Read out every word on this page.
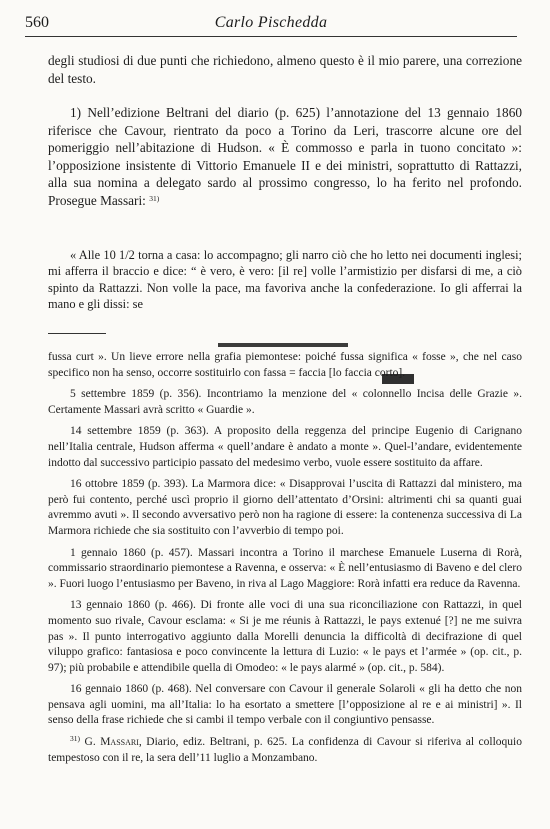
560	Carlo Pischedda

degli studiosi di due punti che richiedono, almeno questo è il mio parere, una correzione del testo.

1) Nell’edizione Beltrani del diario (p. 625) l’annotazione del 13 gennaio 1860 riferisce che Cavour, rientrato da poco a Torino da Leri, trascorre alcune ore del pomeriggio nell’abitazione di Hudson. « È commosso e parla in tuono concitato »: l’opposizione insistente di Vittorio Emanuele II e dei ministri, soprattutto di Rattazzi, alla sua nomina a delegato sardo al prossimo congresso, lo ha ferito nel profondo. Prosegue Massari: $^{31)}$

« Alle 10 1/2 torna a casa: lo accompagno; gli narro ciò che ho letto nei documenti inglesi; mi afferra il braccio e dice: “ è vero, è vero: [il re] volle l’armistizio per disfarsi di me, a ciò spinto da Rattazzi. Non volle la pace, ma favoriva anche la confederazione. Io gli afferrai la mano e gli dissi: se

fussa curt ». Un lieve errore nella grafia piemontese: poiché fussa significa « fosse », che nel caso specifico non ha senso, occorre sostituirlo con fassa = faccia [lo faccia corto].

5 settembre 1859 (p. 356). Incontriamo la menzione del « colonnello Incisa delle Grazie ». Certamente Massari avrà scritto « Guardie ».

14 settembre 1859 (p. 363). A proposito della reggenza del principe Eugenio di Carignano nell’Italia centrale, Hudson afferma « quell’andare è andato a monte ». Quel-l’andare, evidentemente indotto dal successivo participio passato del medesimo verbo, vuole essere sostituito da affare.

16 ottobre 1859 (p. 393). La Marmora dice: « Disapprovai l’uscita di Rattazzi dal ministero, ma però fui contento, perché uscì proprio il giorno dell’attentato d’Orsini: altrimenti chi sa quanti guai avremmo avuti ». Il secondo avversativo però non ha ragione di essere: la contenenza successiva di La Marmora richiede che sia sostituito con l’avverbio di tempo poi.

1 gennaio 1860 (p. 457). Massari incontra a Torino il marchese Emanuele Luserna di Rorà, commissario straordinario piemontese a Ravenna, e osserva: « È nell’entusiasmo di Baveno e del clero ». Fuori luogo l’entusiasmo per Baveno, in riva al Lago Maggiore: Rorà infatti era reduce da Ravenna.

13 gennaio 1860 (p. 466). Di fronte alle voci di una sua riconciliazione con Rattazzi, in quel momento suo rivale, Cavour esclama: « Si je me réunis à Rattazzi, le pays extenué [?] ne me suivra pas ». Il punto interrogativo aggiunto dalla Morelli denuncia la difficoltà di decifrazione di quel viluppo grafico: fantasiosa e poco convincente la lettura di Luzio: « le pays et l’armée » (op. cit., p. 97); più probabile e attendibile quella di Omodeo: « le pays alarmé » (op. cit., p. 584).

16 gennaio 1860 (p. 468). Nel conversare con Cavour il generale Solaroli « gli ha detto che non pensava agli uomini, ma all’Italia: lo ha esortato a smettere [l’opposizione al re e ai ministri] ». Il senso della frase richiede che si cambi il tempo verbale con il congiuntivo pensasse.

$^{31)}$ G. Massari, Diario, ediz. Beltrani, p. 625. La confidenza di Cavour si riferiva al colloquio tempestoso con il re, la sera dell’11 luglio a Monzambano.
